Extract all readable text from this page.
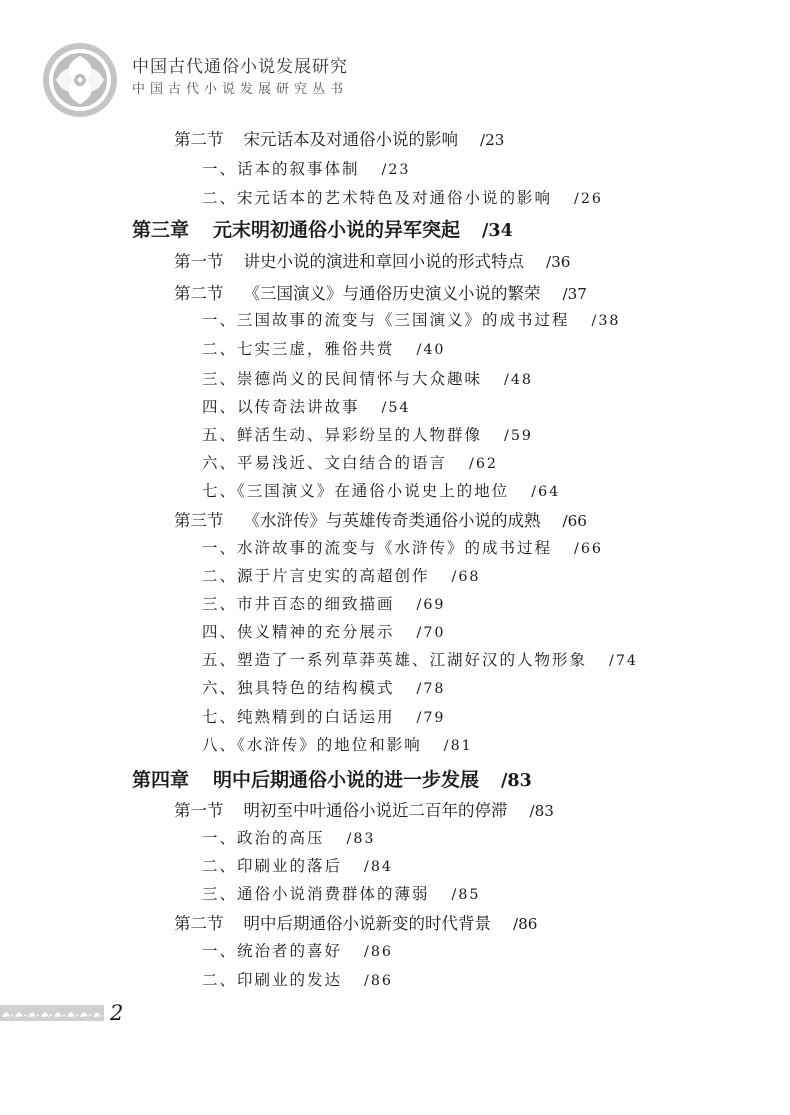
中国古代通俗小说发展研究
中国古代小说发展研究丛书
第二节 宋元话本及对通俗小说的影响 /23
一、话本的叙事体制 /23
二、宋元话本的艺术特色及对通俗小说的影响 /26
第三章 元末明初通俗小说的异军突起 /34
第一节 讲史小说的演进和章回小说的形式特点 /36
第二节 《三国演义》与通俗历史演义小说的繁荣 /37
一、三国故事的流变与《三国演义》的成书过程 /38
二、七实三虚，雅俗共赏 /40
三、崇德尚义的民间情怀与大众趣味 /48
四、以传奇法讲故事 /54
五、鲜活生动、异彩纷呈的人物群像 /59
六、平易浅近、文白结合的语言 /62
七、《三国演义》在通俗小说史上的地位 /64
第三节 《水浒传》与英雄传奇类通俗小说的成熟 /66
一、水浒故事的流变与《水浒传》的成书过程 /66
二、源于片言史实的高超创作 /68
三、市井百态的细致描画 /69
四、侠义精神的充分展示 /70
五、塑造了一系列草莽英雄、江湖好汉的人物形象 /74
六、独具特色的结构模式 /78
七、纯熟精到的白话运用 /79
八、《水浒传》的地位和影响 /81
第四章 明中后期通俗小说的进一步发展 /83
第一节 明初至中叶通俗小说近二百年的停滞 /83
一、政治的高压 /83
二、印刷业的落后 /84
三、通俗小说消费群体的薄弱 /85
第二节 明中后期通俗小说新变的时代背景 /86
一、统治者的喜好 /86
二、印刷业的发达 /86
2
